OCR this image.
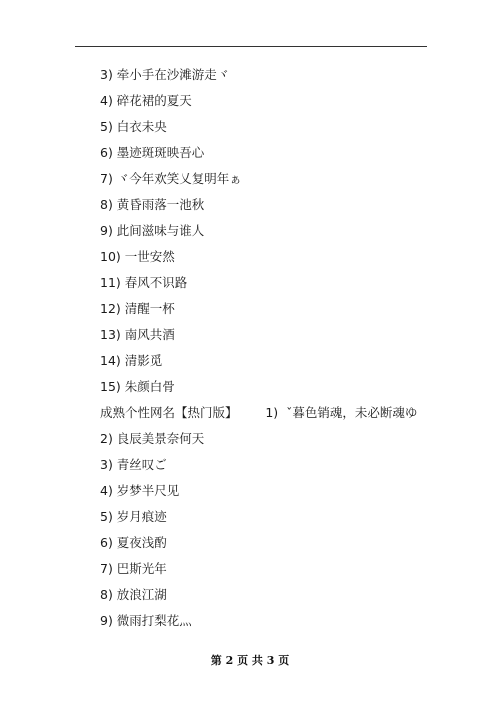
3) 牵小手在沙滩游走ヾ
4) 碎花裙的夏天
5) 白衣未央
6) 墨迹斑斑映吾心
7) ヾ今年欢笑乂复明年ぁ
8) 黄昏雨落一池秋
9) 此间滋味与谁人
10) 一世安然
11) 春风不识路
12) 清醒一杯
13) 南风共酒
14) 清影觅
15) 朱颜白骨
成熟个性网名【热门版】       1)  ˇ暮色销魂，未必断魂ゆ
2) 良辰美景奈何天
3) 青丝叹ご
4) 岁梦半尺见
5) 岁月痕迹
6) 夏夜浅酌
7) 巴斯光年
8) 放浪江湖
9) 微雨打梨花灬
第 2 页 共 3 页
